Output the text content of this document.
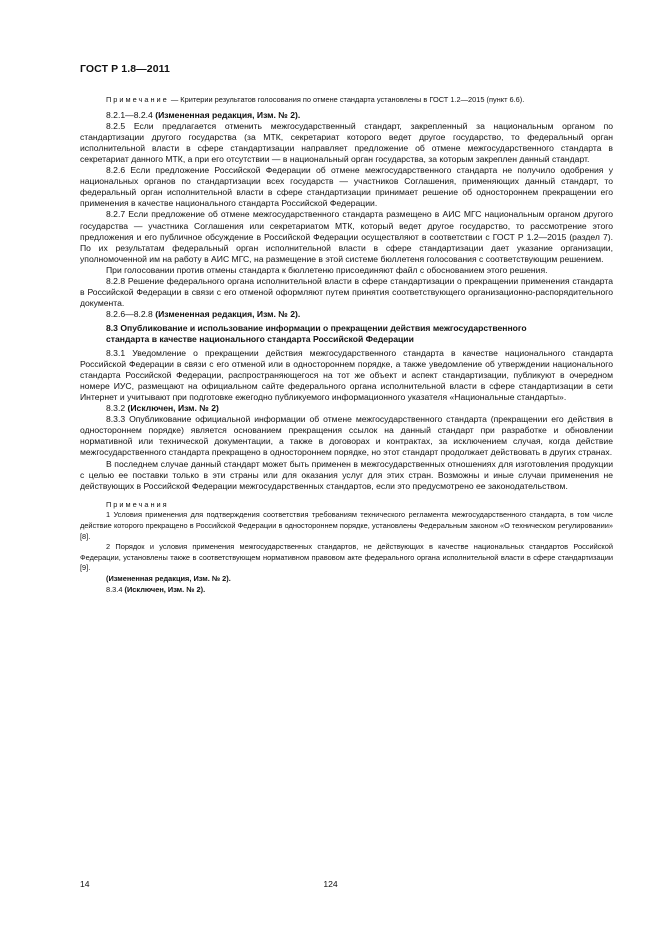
ГОСТ Р 1.8—2011

Примечание — Критерии результатов голосования по отмене стандарта установлены в ГОСТ 1.2—2015 (пункт 6.6).

8.2.1—8.2.4 (Измененная редакция, Изм. № 2).

8.2.5 Если предлагается отменить межгосударственный стандарт, закрепленный за национальным органом по стандартизации другого государства (за МТК, секретариат которого ведет другое государство, то федеральный орган исполнительной власти в сфере стандартизации направляет предложение об отмене межгосударственного стандарта в секретариат данного МТК, а при его отсутствии — в национальный орган государства, за которым закреплен данный стандарт.

8.2.6 Если предложение Российской Федерации об отмене межгосударственного стандарта не получило одобрения у национальных органов по стандартизации всех государств — участников Соглашения, применяющих данный стандарт, то федеральный орган исполнительной власти в сфере стандартизации принимает решение об одностороннем прекращении его применения в качестве национального стандарта Российской Федерации.

8.2.7 Если предложение об отмене межгосударственного стандарта размещено в АИС МГС национальным органом другого государства — участника Соглашения или секретариатом МТК, который ведет другое государство, то рассмотрение этого предложения и его публичное обсуждение в Российской Федерации осуществляют в соответствии с ГОСТ Р 1.2—2015 (раздел 7). По их результатам федеральный орган исполнительной власти в сфере стандартизации дает указание организации, уполномоченной им на работу в АИС МГС, на размещение в этой системе бюллетеня голосования с соответствующим решением.

При голосовании против отмены стандарта к бюллетеню присоединяют файл с обоснованием этого решения.

8.2.8 Решение федерального органа исполнительной власти в сфере стандартизации о прекращении применения стандарта в Российской Федерации в связи с его отменой оформляют путем принятия соответствующего организационно-распорядительного документа.

8.2.6—8.2.8 (Измененная редакция, Изм. № 2).

8.3 Опубликование и использование информации о прекращении действия межгосударственного стандарта в качестве национального стандарта Российской Федерации

8.3.1 Уведомление о прекращении действия межгосударственного стандарта в качестве национального стандарта Российской Федерации в связи с его отменой или в одностороннем порядке, а также уведомление об утверждении национального стандарта Российской Федерации, распространяющегося на тот же объект и аспект стандартизации, публикуют в очередном номере ИУС, размещают на официальном сайте федерального органа исполнительной власти в сфере стандартизации в сети Интернет и учитывают при подготовке ежегодно публикуемого информационного указателя «Национальные стандарты».

8.3.2 (Исключен, Изм. № 2)

8.3.3 Опубликование официальной информации об отмене межгосударственного стандарта (прекращении его действия в одностороннем порядке) является основанием прекращения ссылок на данный стандарт при разработке и обновлении нормативной или технической документации, а также в договорах и контрактах, за исключением случая, когда действие межгосударственного стандарта прекращено в одностороннем порядке, но этот стандарт продолжает действовать в других странах.

В последнем случае данный стандарт может быть применен в межгосударственных отношениях для изготовления продукции с целью ее поставки только в эти страны или для оказания услуг для этих стран. Возможны и иные случаи применения не действующих в Российской Федерации межгосударственных стандартов, если это предусмотрено ее законодательством.

Примечания

1 Условия применения для подтверждения соответствия требованиям технического регламента межгосударственного стандарта, в том числе действие которого прекращено в Российской Федерации в одностороннем порядке, установлены Федеральным законом «О техническом регулировании» [8].

2 Порядок и условия применения межгосударственных стандартов, не действующих в качестве национальных стандартов Российской Федерации, установлены также в соответствующем нормативном правовом акте федерального органа исполнительной власти в сфере стандартизации [9].

(Измененная редакция, Изм. № 2).

8.3.4 (Исключен, Изм. № 2).

14	124
